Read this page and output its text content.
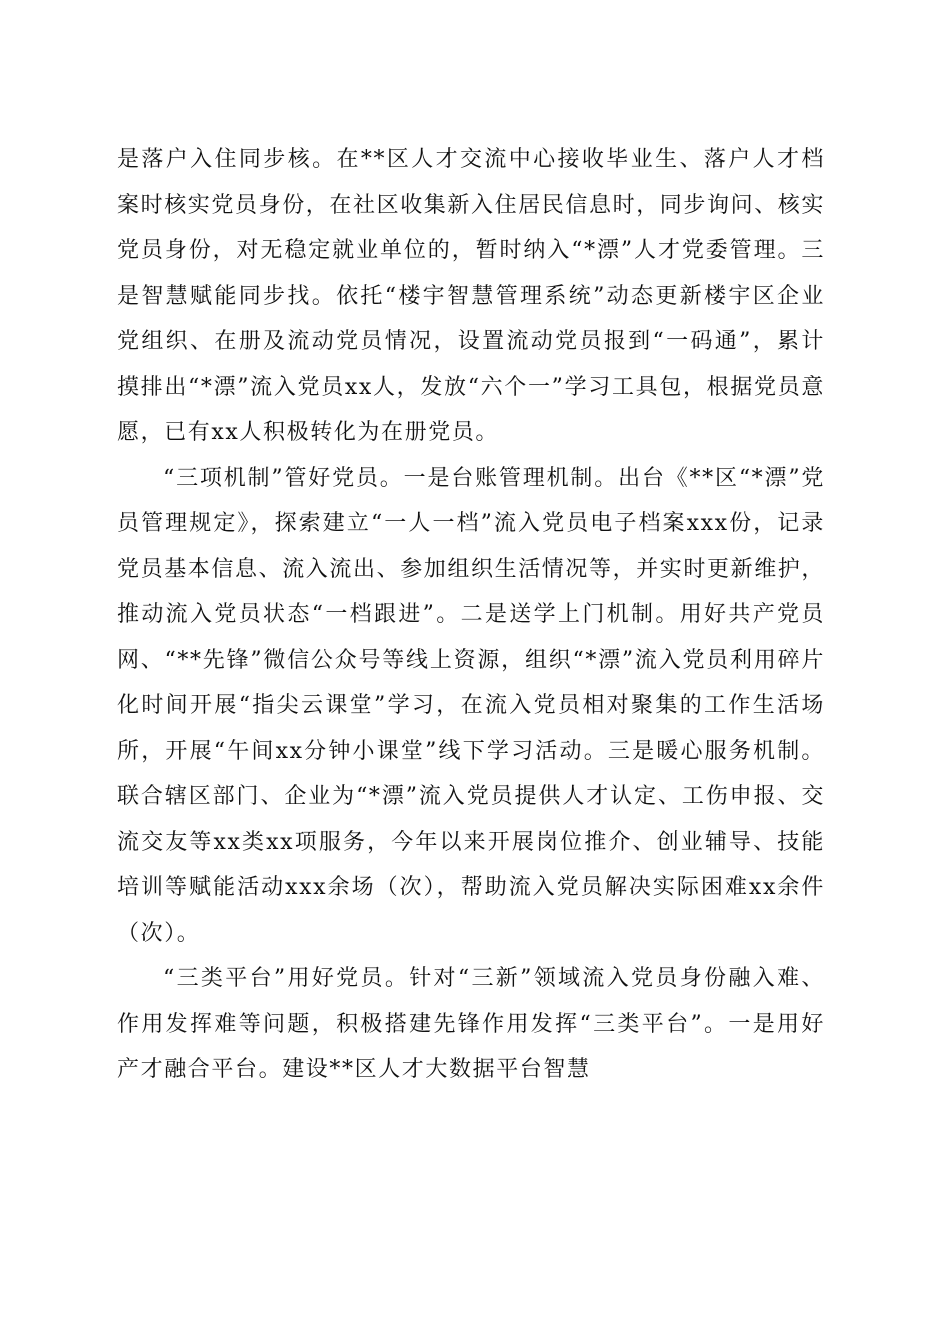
是落户入住同步核。在**区人才交流中心接收毕业生、落户人才档案时核实党员身份，在社区收集新入住居民信息时，同步询问、核实党员身份，对无稳定就业单位的，暂时纳入“*漂”人才党委管理。三是智慧赋能同步找。依托“楼宇智慧管理系统”动态更新楼宇区企业党组织、在册及流动党员情况，设置流动党员报到“一码通”，累计摸排出“*漂”流入党员xx人，发放“六个一”学习工具包，根据党员意愿，已有xx人积极转化为在册党员。

“三项机制”管好党员。一是台账管理机制。出台《**区“*漂”党员管理规定》，探索建立“一人一档”流入党员电子档案xxx份，记录党员基本信息、流入流出、参加组织生活情况等，并实时更新维护，推动流入党员状态“一档跟进”。二是送学上门机制。用好共产党员网、“**先锋”微信公众号等线上资源，组织“*漂”流入党员利用碎片化时间开展“指尖云课堂”学习，在流入党员相对聚集的工作生活场所，开展“午间xx分钟小课堂”线下学习活动。三是暖心服务机制。联合辖区部门、企业为“*漂”流入党员提供人才认定、工伤申报、交流交友等xx类xx项服务，今年以来开展岗位推介、创业辅导、技能培训等赋能活动xxx余场（次），帮助流入党员解决实际困难xx余件（次）。

“三类平台”用好党员。针对“三新”领域流入党员身份融入难、作用发挥难等问题，积极搭建先锋作用发挥“三类平台”。一是用好产才融合平台。建设**区人才大数据平台智慧
